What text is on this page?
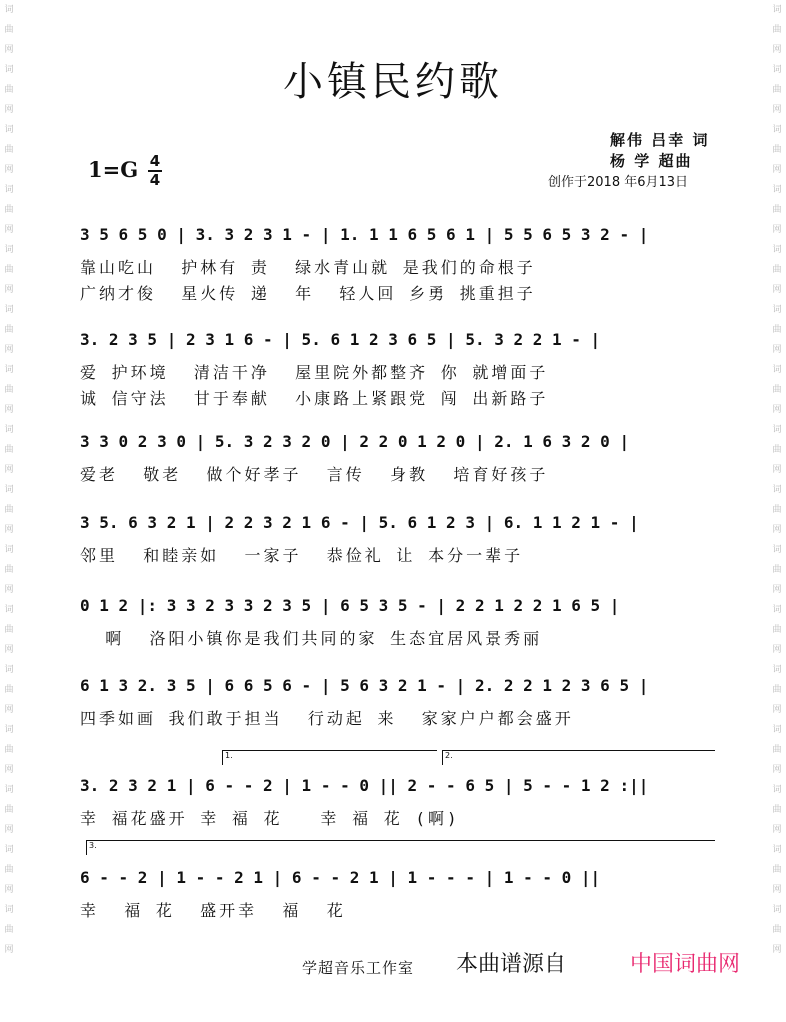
词曲网词曲网词曲网词曲网词曲网词曲网词曲网词曲网词曲网词曲网词曲网词曲网词曲网词曲网词曲网词曲网
词曲网词曲网词曲网词曲网词曲网词曲网词曲网词曲网词曲网词曲网词曲网词曲网词曲网词曲网词曲网词曲网
小镇民约歌
解伟 吕幸 词
杨 学 超曲
创作于2018 年6月13日
1=G 4
4
3 5 6 5 0 | 3. 3 2 3 1 - | 1. 1 1 6 5 6 1 | 5 5 6 5 3 2 - |
靠山吃山  护林有 责  绿水青山就 是我们的命根子
广纳才俊  星火传 递  年  轻人回 乡勇 挑重担子
3. 2 3 5 | 2 3 1 6 - | 5. 6 1 2 3 6 5 | 5. 3 2 2 1 - |
爱 护环境  清洁干净  屋里院外都整齐 你 就增面子
诚 信守法  甘于奉献  小康路上紧跟党 闯 出新路子
3 3 0 2 3 0 | 5. 3 2 3 2 0 | 2 2 0 1 2 0 | 2. 1 6 3 2 0 |
爱老  敬老  做个好孝子  言传  身教  培育好孩子
3 5. 6 3 2 1 | 2 2 3 2 1 6 - | 5. 6 1 2 3 | 6. 1 1 2 1 - |
邻里  和睦亲如  一家子  恭俭礼 让 本分一辈子
0 1 2 |: 3 3 2 3 3 2 3 5 | 6 5 3 5 - | 2 2 1 2 2 1 6 5 |
啊  洛阳小镇你是我们共同的家 生态宜居风景秀丽
6 1 3 2. 3 5 | 6 6 5 6 - | 5 6 3 2 1 - | 2. 2 2 1 2 3 6 5 |
四季如画 我们敢于担当  行动起 来  家家户户都会盛开
1.	2.
3. 2 3 2 1 | 6 - - 2 | 1 - - 0 || 2 - - 6 5 | 5 - - 1 2 :||
幸 福花盛开 幸 福 花   幸 福 花 (啊)
3.
6 - - 2 | 1 - - 2 1 | 6 - - 2 1 | 1 - - - | 1 - - 0 ||
幸  福 花  盛开幸  福  花
学超音乐工作室 本曲谱源自	中国词曲网
